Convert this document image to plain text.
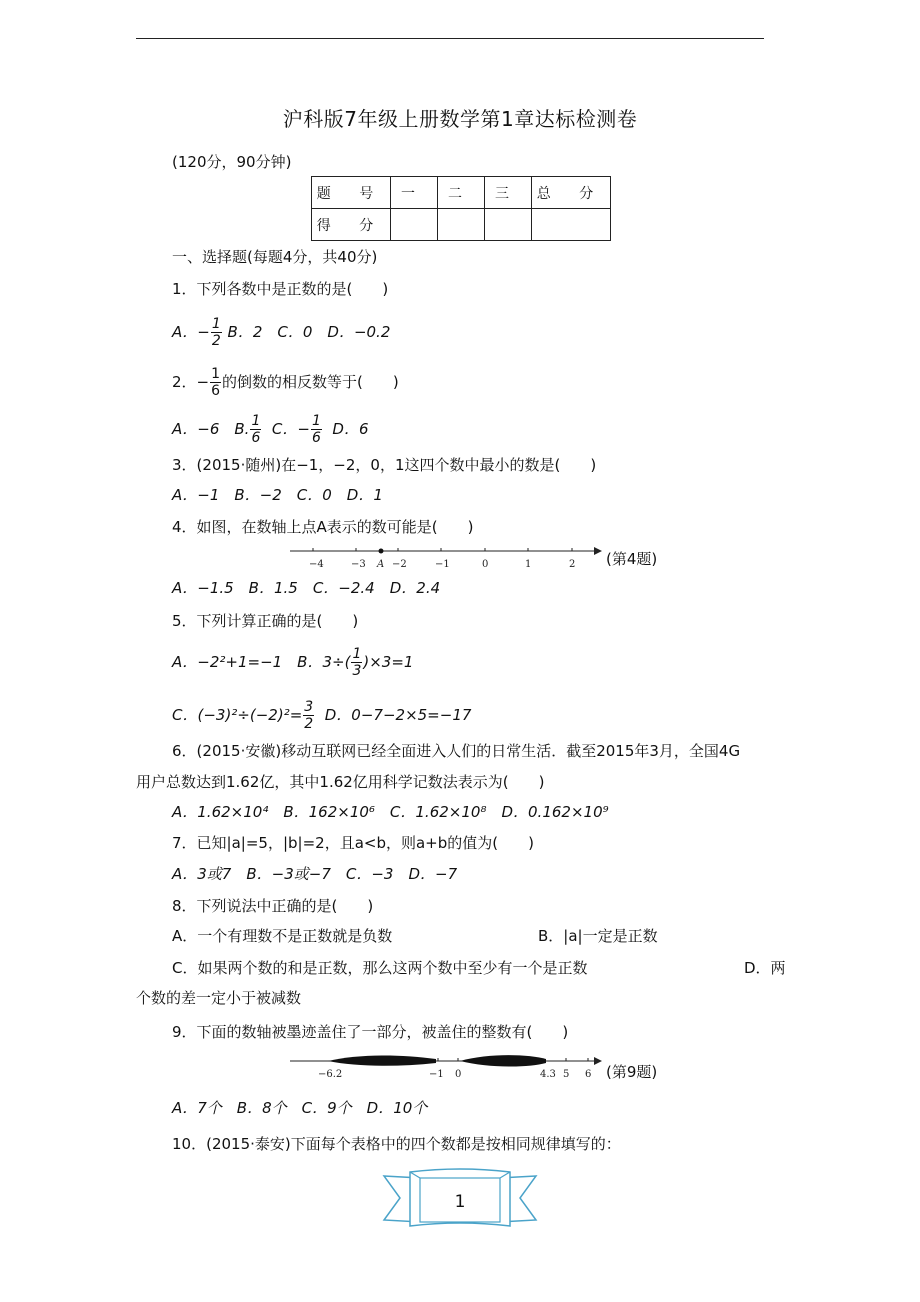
沪科版7年级上册数学第1章达标检测卷
(120分，90分钟)
题 号	一	二	三	总 分
得 分				
一、选择题(每题4分，共40分)
1．下列各数中是正数的是(　　)
A．− $\frac{1}{2}$ B．2　C．0　D．−0.2
2．− $\frac{1}{6}$ 的倒数的相反数等于(　　)
A．−6　B. $\frac{1}{6}$ C．− $\frac{1}{6}$ D．6
3．(2015·随州)在−1，−2，0，1这四个数中最小的数是(　　)
A．−1　B．−2　C．0　D．1
4．如图，在数轴上点A表示的数可能是(　　)
−4	−3 A −2	−1	0	1	2 (第4题)
A．−1.5　B．1.5　C．−2.4　D．2.4
5．下列计算正确的是(　　)
A．−2²+1=−1　B．$3\div( \frac{1}{3} )\times 3=1$
C．$(-3)^2\div(-2)^2= \frac{3}{2}$ D．0−7−2×5=−17
6．(2015·安徽)移动互联网已经全面进入人们的日常生活．截至2015年3月，全国4G
用户总数达到1.62亿，其中1.62亿用科学记数法表示为(　　)
A．1.62×10⁴　B．162×10⁶　C．1.62×10⁸　D．0.162×10⁹
7．已知|a|=5，|b|=2，且a<b，则a+b的值为(　　)
A．3或7　B．−3或−7　C．−3　D．−7
8．下列说法中正确的是(　　)
A．一个有理数不是正数就是负数	B．|a|一定是正数
C．如果两个数的和是正数，那么这两个数中至少有一个是正数	D．两
个数的差一定小于被减数
9．下面的数轴被墨迹盖住了一部分，被盖住的整数有(　　)
−6.2	−1 0	4.3 5 6 (第9题)
A．7个　B．8个　C．9个　D．10个
10．(2015·泰安)下面每个表格中的四个数都是按相同规律填写的：
1
